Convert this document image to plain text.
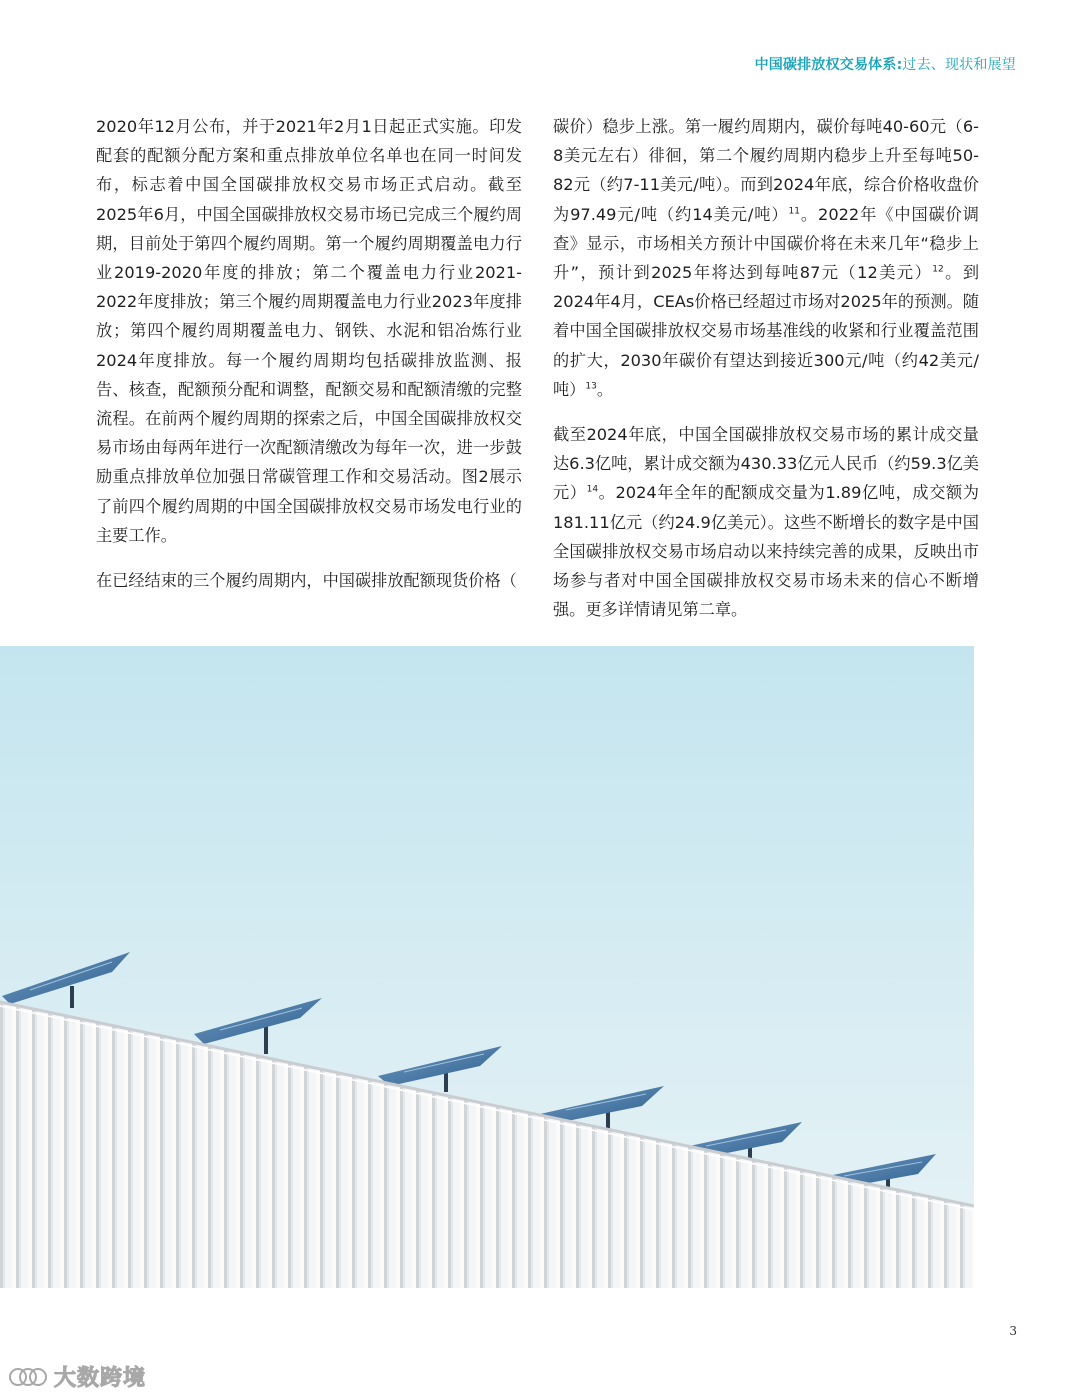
中国碳排放权交易体系:过去、现状和展望

2020年12月公布，并于2021年2月1日起正式实施。印发配套的配额分配方案和重点排放单位名单也在同一时间发布，标志着中国全国碳排放权交易市场正式启动。截至2025年6月，中国全国碳排放权交易市场已完成三个履约周期，目前处于第四个履约周期。第一个履约周期覆盖电力行业2019-2020年度的排放；第二个覆盖电力行业2021-2022年度排放；第三个履约周期覆盖电力行业2023年度排放；第四个履约周期覆盖电力、钢铁、水泥和铝冶炼行业2024年度排放。每一个履约周期均包括碳排放监测、报告、核查，配额预分配和调整，配额交易和配额清缴的完整流程。在前两个履约周期的探索之后，中国全国碳排放权交易市场由每两年进行一次配额清缴改为每年一次，进一步鼓励重点排放单位加强日常碳管理工作和交易活动。图2展示了前四个履约周期的中国全国碳排放权交易市场发电行业的主要工作。

在已经结束的三个履约周期内，中国碳排放配额现货价格（

碳价）稳步上涨。第一履约周期内，碳价每吨40-60元（6-8美元左右）徘徊，第二个履约周期内稳步上升至每吨50-82元（约7-11美元/吨）。而到2024年底，综合价格收盘价为97.49元/吨（约14美元/吨）$^{11}$。2022年《中国碳价调查》显示，市场相关方预计中国碳价将在未来几年“稳步上升”，预计到2025年将达到每吨87元（12美元）$^{12}$。到2024年4月，CEAs价格已经超过市场对2025年的预测。随着中国全国碳排放权交易市场基准线的收紧和行业覆盖范围的扩大，2030年碳价有望达到接近300元/吨（约42美元/吨）$^{13}$。

截至2024年底，中国全国碳排放权交易市场的累计成交量达6.3亿吨，累计成交额为430.33亿元人民币（约59.3亿美元）$^{14}$。2024年全年的配额成交量为1.89亿吨，成交额为181.11亿元（约24.9亿美元）。这些不断增长的数字是中国全国碳排放权交易市场启动以来持续完善的成果，反映出市场参与者对中国全国碳排放权交易市场未来的信心不断增强。更多详情请见第二章。

3
大数跨境
